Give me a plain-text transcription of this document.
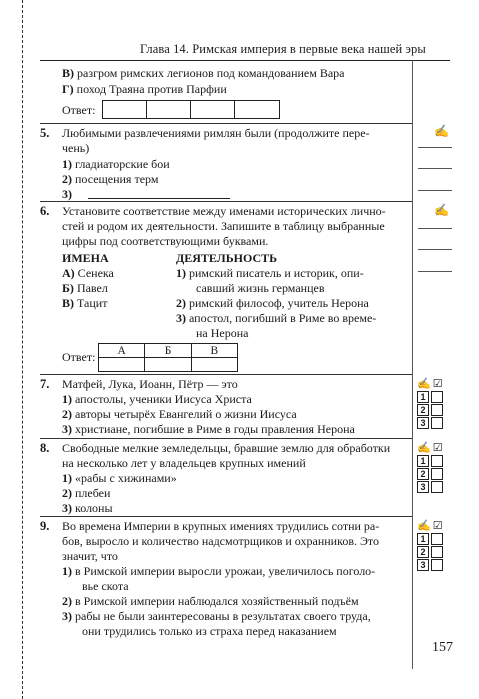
Глава 14. Римская империя в первые века нашей эры
В) разгром римских легионов под командованием Вара
Г) поход Траяна против Парфии
Ответ:
5. Любимыми развлечениями римлян были (продолжите пере-
чень)
1) гладиаторские бои
2) посещения терм
3)
✍
6. Установите соответствие между именами исторических лично-
стей и родом их деятельности. Запишите в таблицу выбранные
цифры под соответствующими буквами.
✍
ИМЕНА	ДЕЯТЕЛЬНОСТЬ
А) Сенека
Б) Павел
В) Тацит
1) римский писатель и историк, опи-
савший жизнь германцев
2) римский философ, учитель Нерона
3) апостол, погибший в Риме во време-
на Нерона
Ответ: А	Б	В

7. Матфей, Лука, Иоанн, Пётр — это
1) апостолы, ученики Иисуса Христа
2) авторы четырёх Евангелий о жизни Иисуса
3) христиане, погибшие в Риме в годы правления Нерона
✍☑
1
2
3
8. Свободные мелкие земледельцы, бравшие землю для обработки
на несколько лет у владельцев крупных имений
1) «рабы с хижинами»
2) плебеи
3) колоны
✍☑
1
2
3
9. Во времена Империи в крупных имениях трудились сотни ра-
бов, выросло и количество надсмотрщиков и охранников. Это
значит, что
1) в Римской империи выросли урожаи, увеличилось поголо-
вье скота
2) в Римской империи наблюдался хозяйственный подъём
3) рабы не были заинтересованы в результатах своего труда,
они трудились только из страха перед наказанием
✍☑
1
2
3
157
